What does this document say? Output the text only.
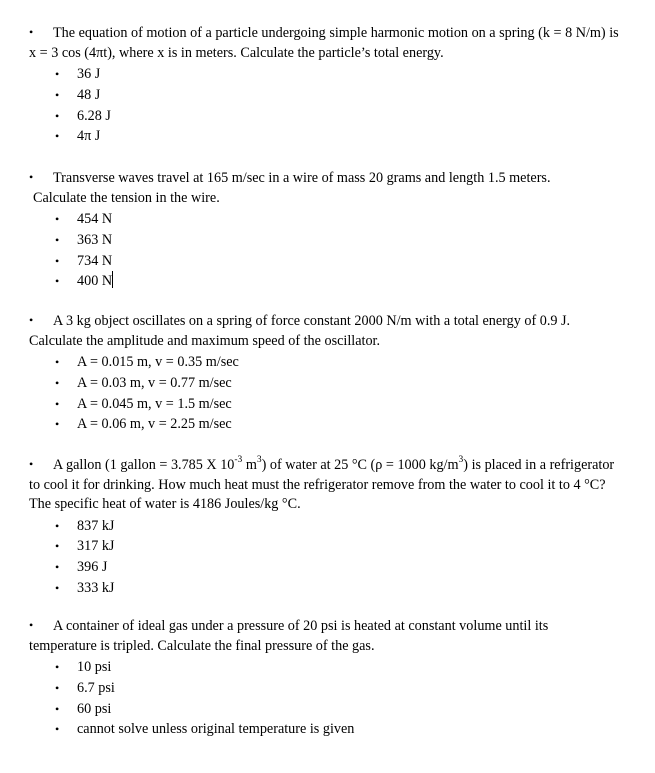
• The equation of motion of a particle undergoing simple harmonic motion on a spring (k = 8 N/m) is x = 3 cos (4πt), where x is in meters. Calculate the particle’s total energy.

• 36 J
• 48 J
• 6.28 J
• 4π J

• Transverse waves travel at 165 m/sec in a wire of mass 20 grams and length 1.5 meters.

Calculate the tension in the wire.

• 454 N
• 363 N
• 734 N
• 400 N

• A 3 kg object oscillates on a spring of force constant 2000 N/m with a total energy of 0.9 J. Calculate the amplitude and maximum speed of the oscillator.

• A = 0.015 m, v = 0.35 m/sec
• A = 0.03 m, v = 0.77 m/sec
• A = 0.045 m, v = 1.5 m/sec
• A = 0.06 m, v = 2.25 m/sec

• A gallon (1 gallon = 3.785 X $10^{-3}$ $m^3$) of water at 25 °C (ρ = 1000 $kg/m^3$) is placed in a refrigerator to cool it for drinking. How much heat must the refrigerator remove from the water to cool it to 4 °C? The specific heat of water is 4186 Joules/kg °C.

• 837 kJ
• 317 kJ
• 396 J
• 333 kJ

• A container of ideal gas under a pressure of 20 psi is heated at constant volume until its temperature is tripled. Calculate the final pressure of the gas.

• 10 psi
• 6.7 psi
• 60 psi
• cannot solve unless original temperature is given
